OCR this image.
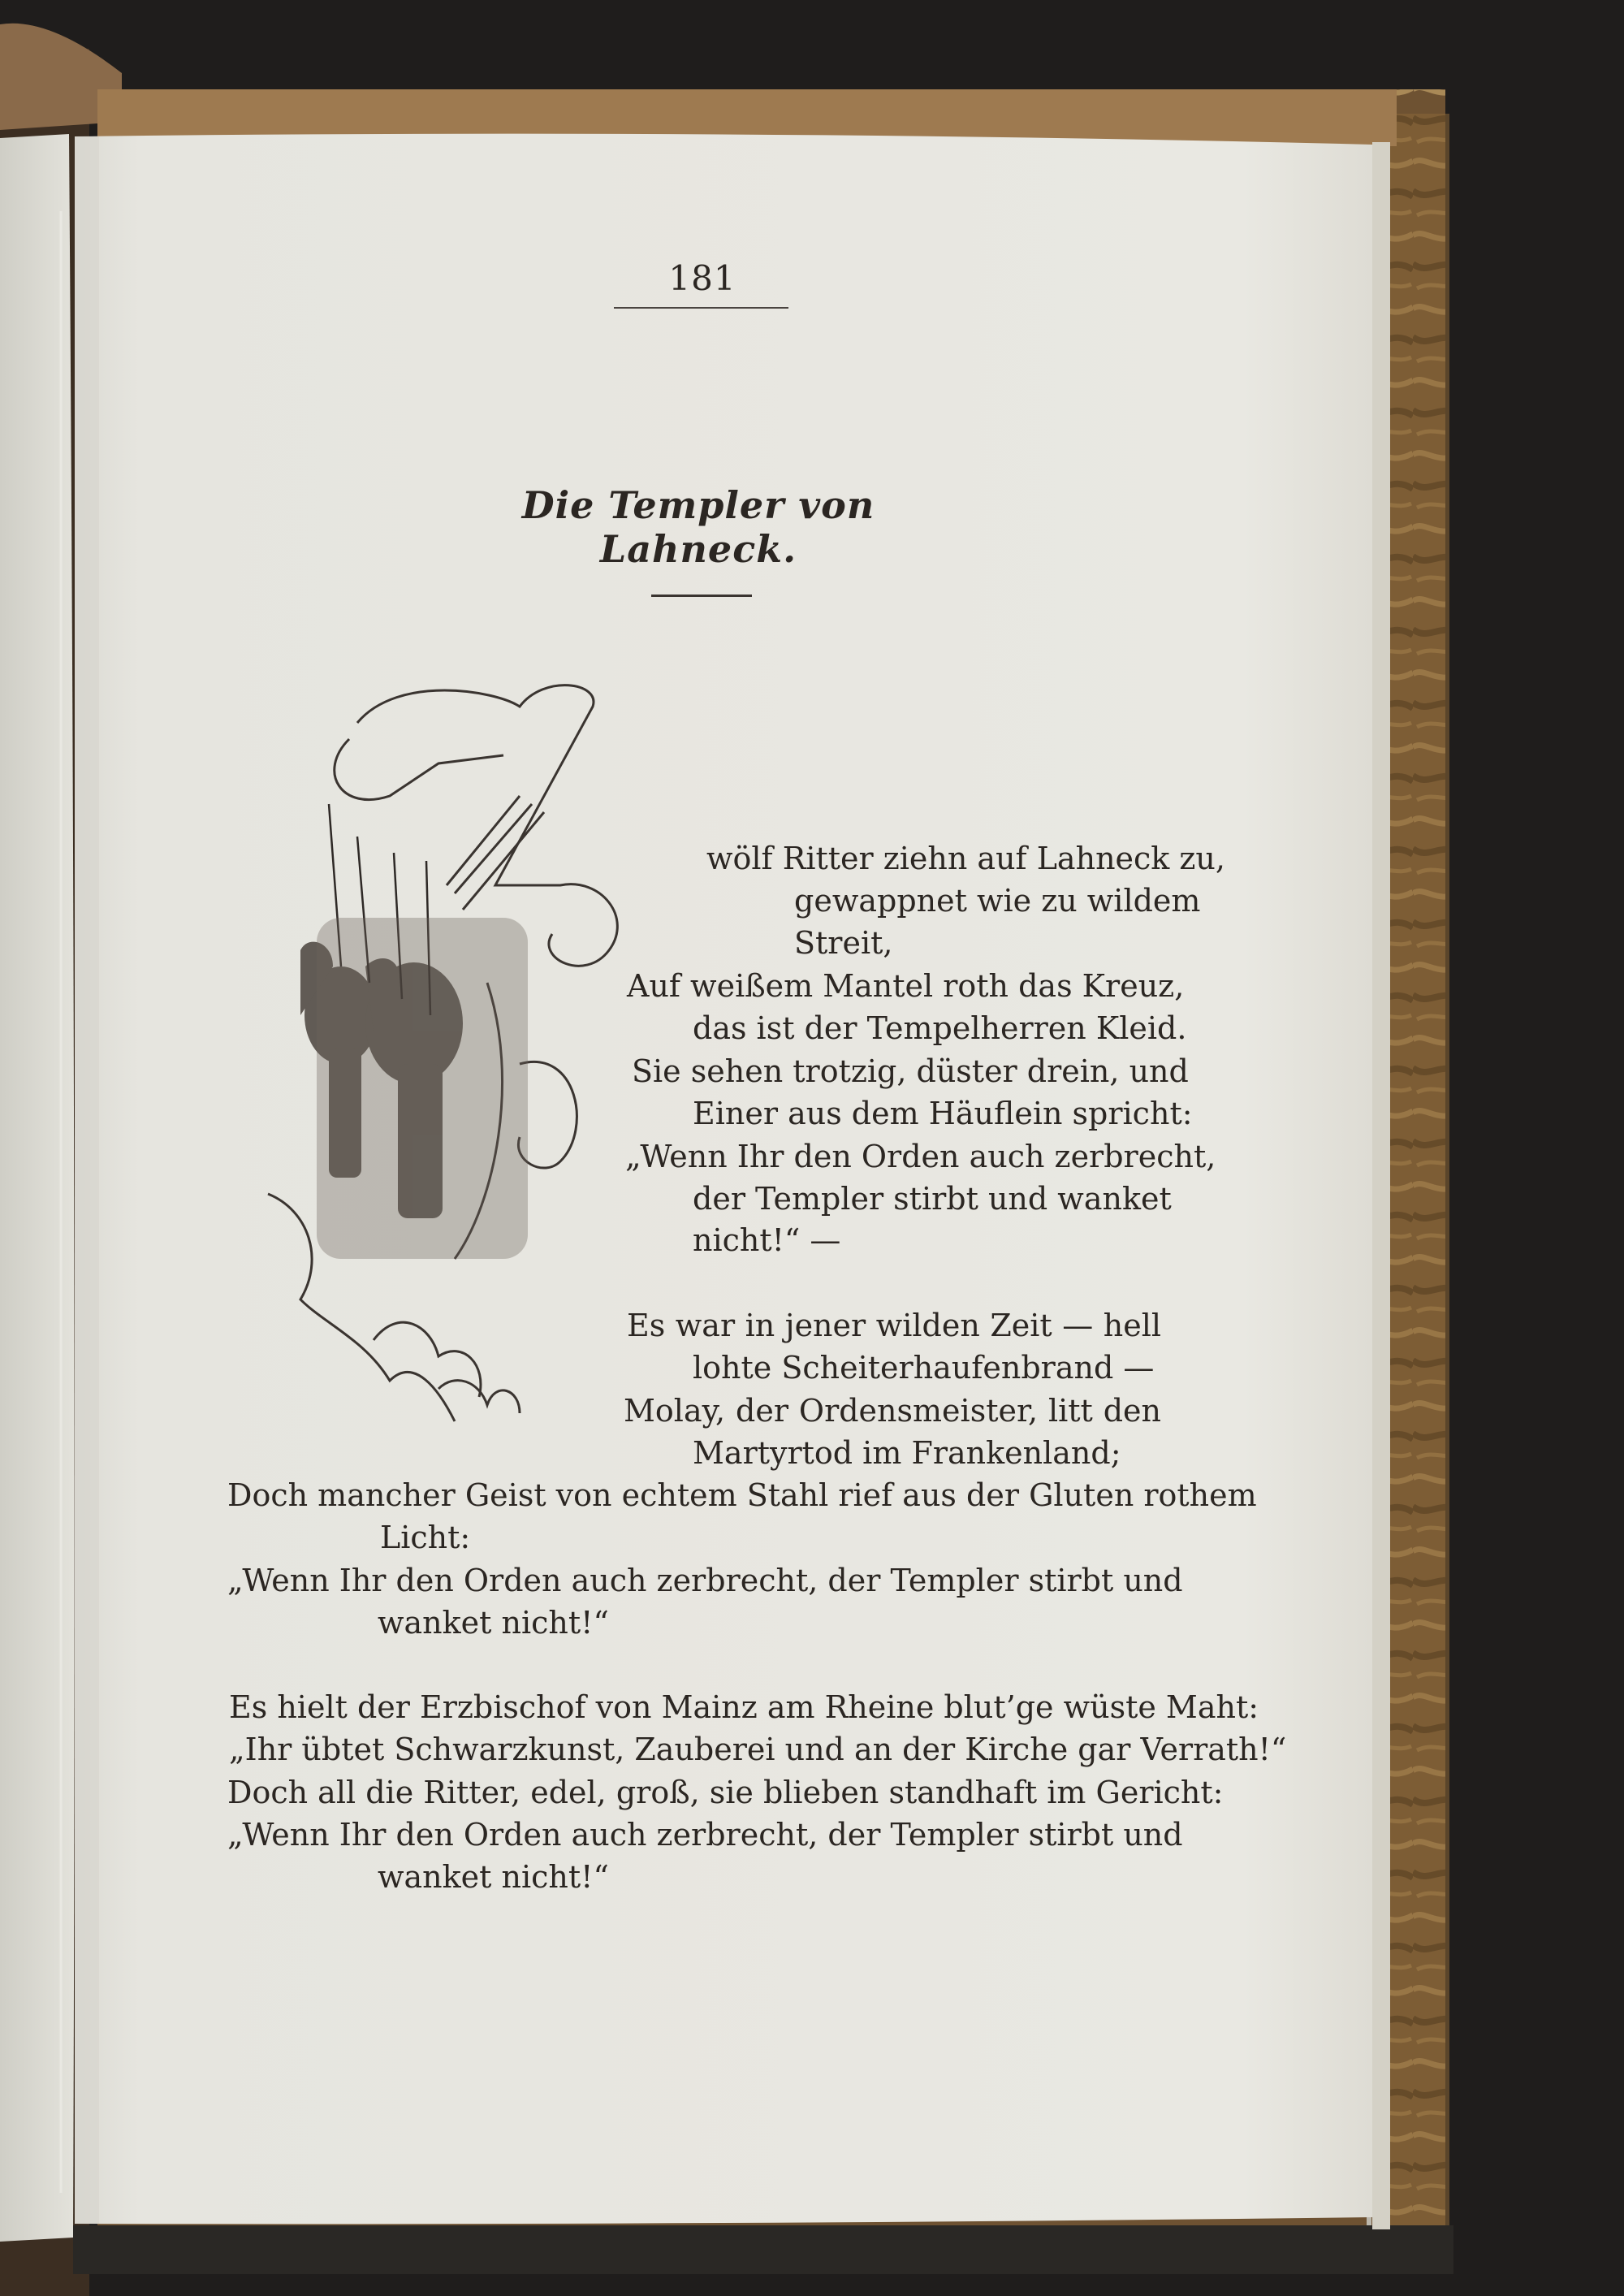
181
Die Templer von Lahneck.
wölf Ritter ziehn auf Lahneck zu,
gewappnet wie zu wildem
Streit,
Auf weißem Mantel roth das Kreuz,
das ist der Tempelherren Kleid.
Sie sehen trotzig, düster drein, und
Einer aus dem Häuflein spricht:
„Wenn Ihr den Orden auch zerbrecht,
der Templer stirbt und wanket
nicht!“ —
Es war in jener wilden Zeit — hell
lohte Scheiterhaufenbrand —
Molay, der Ordensmeister, litt den
Martyrtod im Frankenland;
Doch mancher Geist von echtem Stahl rief aus der Gluten rothem
Licht:
„Wenn Ihr den Orden auch zerbrecht, der Templer stirbt und
wanket nicht!“
Es hielt der Erzbischof von Mainz am Rheine blut’ge wüste Maht:
„Ihr übtet Schwarzkunst, Zauberei und an der Kirche gar Verrath!“
Doch all die Ritter, edel, groß, sie blieben standhaft im Gericht:
„Wenn Ihr den Orden auch zerbrecht, der Templer stirbt und
wanket nicht!“
